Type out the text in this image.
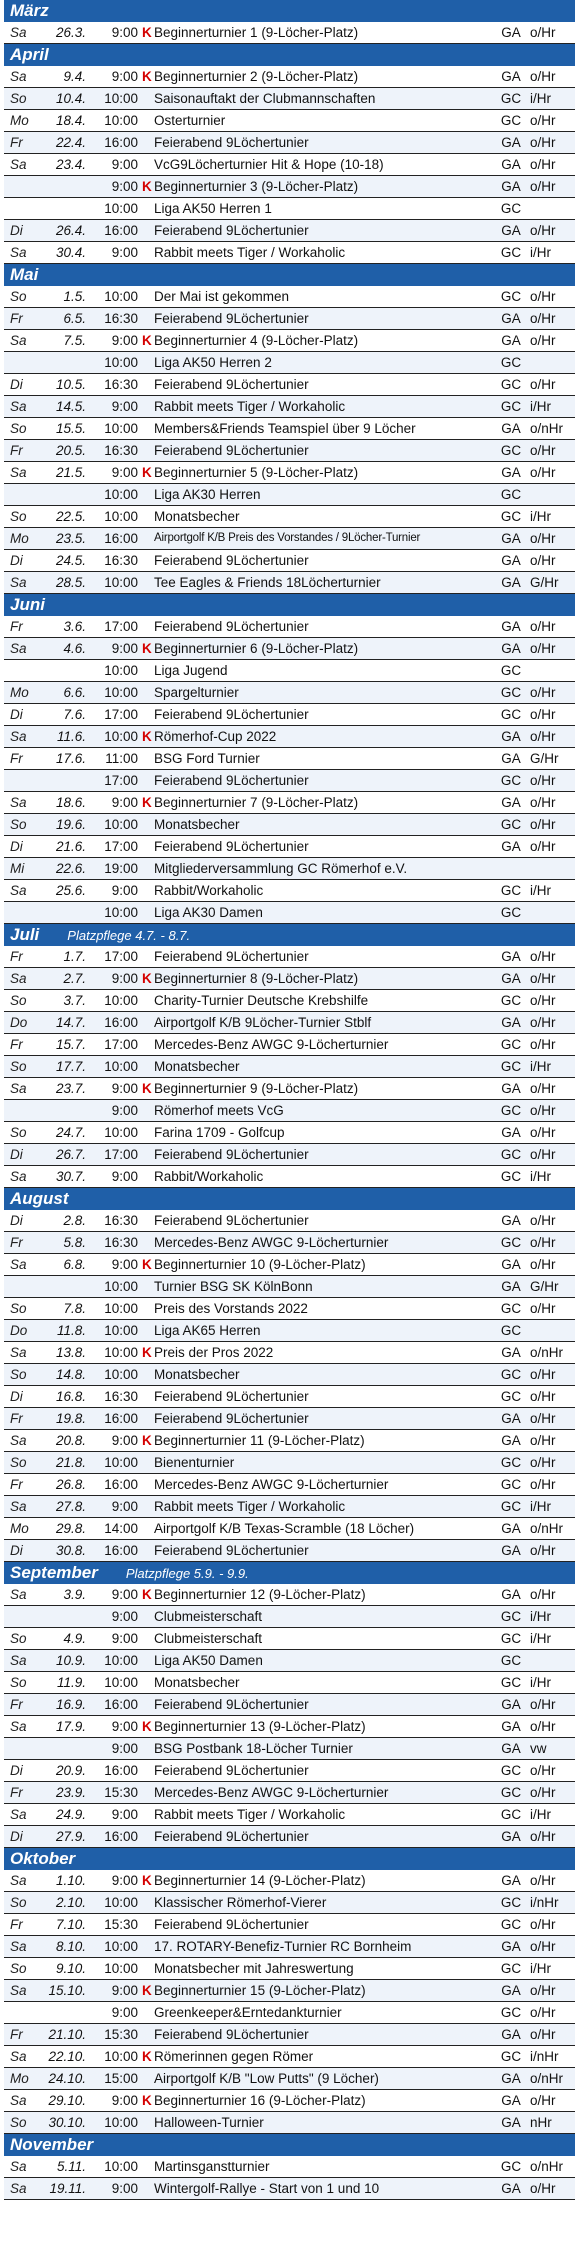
März
Sa	26.3.	9:00 K Beginnerturnier 1 (9-Löcher-Platz)	GA o/Hr
April
Sa	9.4.	9:00 K Beginnerturnier 2 (9-Löcher-Platz)	GA o/Hr
So	10.4.	10:00 Saisonauftakt der Clubmannschaften	GC i/Hr
Mo	18.4.	10:00 Osterturnier	GC o/Hr
Fr	22.4.	16:00 Feierabend 9Löchertunier	GA o/Hr
Sa	23.4.	9:00 VcG9Löcherturnier Hit & Hope (10-18)	GA o/Hr
9:00 K Beginnerturnier 3 (9-Löcher-Platz)	GA o/Hr
10:00 Liga AK50 Herren 1	GC
Di	26.4.	16:00 Feierabend 9Löchertunier	GA o/Hr
Sa	30.4.	9:00 Rabbit meets Tiger / Workaholic	GC i/Hr
Mai
So	1.5.	10:00 Der Mai ist gekommen	GC o/Hr
Fr	6.5.	16:30 Feierabend 9Löchertunier	GA o/Hr
Sa	7.5.	9:00 K Beginnerturnier 4 (9-Löcher-Platz)	GA o/Hr
10:00 Liga AK50 Herren 2	GC
Di	10.5.	16:30 Feierabend 9Löchertunier	GC o/Hr
Sa	14.5.	9:00 Rabbit meets Tiger / Workaholic	GC i/Hr
So	15.5.	10:00 Members&Friends Teamspiel über 9 Löcher	GA o/nHr
Fr	20.5.	16:30 Feierabend 9Löchertunier	GC o/Hr
Sa	21.5.	9:00 K Beginnerturnier 5 (9-Löcher-Platz)	GA o/Hr
10:00 Liga AK30 Herren	GC
So	22.5.	10:00 Monatsbecher	GC i/Hr
Mo	23.5.	16:00 Airportgolf K/B Preis des Vorstandes / 9Löcher-Turnier	GA o/Hr
Di	24.5.	16:30 Feierabend 9Löchertunier	GA o/Hr
Sa	28.5.	10:00 Tee Eagles & Friends 18Löcherturnier	GA G/Hr
Juni
Fr	3.6.	17:00 Feierabend 9Löchertunier	GA o/Hr
Sa	4.6.	9:00 K Beginnerturnier 6 (9-Löcher-Platz)	GA o/Hr
10:00 Liga Jugend	GC
Mo	6.6.	10:00 Spargelturnier	GC o/Hr
Di	7.6.	17:00 Feierabend 9Löchertunier	GC o/Hr
Sa	11.6.	10:00 K Römerhof-Cup 2022	GA o/Hr
Fr	17.6.	11:00 BSG Ford Turnier	GA G/Hr
17:00 Feierabend 9Löchertunier	GC o/Hr
Sa	18.6.	9:00 K Beginnerturnier 7 (9-Löcher-Platz)	GA o/Hr
So	19.6.	10:00 Monatsbecher	GC o/Hr
Di	21.6.	17:00 Feierabend 9Löchertunier	GA o/Hr
Mi	22.6.	19:00 Mitgliederversammlung GC Römerhof e.V.
Sa	25.6.	9:00 Rabbit/Workaholic	GC i/Hr
10:00 Liga AK30 Damen	GC
Juli Platzpflege 4.7. - 8.7.
Fr	1.7.	17:00 Feierabend 9Löchertunier	GA o/Hr
Sa	2.7.	9:00 K Beginnerturnier 8 (9-Löcher-Platz)	GA o/Hr
So	3.7.	10:00 Charity-Turnier Deutsche Krebshilfe	GC o/Hr
Do	14.7.	16:00 Airportgolf K/B 9Löcher-Turnier Stblf	GA o/Hr
Fr	15.7.	17:00 Mercedes-Benz AWGC 9-Löcherturnier	GC o/Hr
So	17.7.	10:00 Monatsbecher	GC i/Hr
Sa	23.7.	9:00 K Beginnerturnier 9 (9-Löcher-Platz)	GA o/Hr
9:00 Römerhof meets VcG	GC o/Hr
So	24.7.	10:00 Farina 1709 - Golfcup	GA o/Hr
Di	26.7.	17:00 Feierabend 9Löchertunier	GC o/Hr
Sa	30.7.	9:00 Rabbit/Workaholic	GC i/Hr
August
Di	2.8.	16:30 Feierabend 9Löchertunier	GA o/Hr
Fr	5.8.	16:30 Mercedes-Benz AWGC 9-Löcherturnier	GC o/Hr
Sa	6.8.	9:00 K Beginnerturnier 10 (9-Löcher-Platz)	GA o/Hr
10:00 Turnier BSG SK KölnBonn	GA G/Hr
So	7.8.	10:00 Preis des Vorstands 2022	GC o/Hr
Do	11.8.	10:00 Liga AK65 Herren	GC
Sa	13.8.	10:00 K Preis der Pros 2022	GA o/nHr
So	14.8.	10:00 Monatsbecher	GC o/Hr
Di	16.8.	16:30 Feierabend 9Löchertunier	GC o/Hr
Fr	19.8.	16:00 Feierabend 9Löchertunier	GA o/Hr
Sa	20.8.	9:00 K Beginnerturnier 11 (9-Löcher-Platz)	GA o/Hr
So	21.8.	10:00 Bienenturnier	GC o/Hr
Fr	26.8.	16:00 Mercedes-Benz AWGC 9-Löcherturnier	GC o/Hr
Sa	27.8.	9:00 Rabbit meets Tiger / Workaholic	GC i/Hr
Mo	29.8.	14:00 Airportgolf K/B Texas-Scramble (18 Löcher)	GA o/nHr
Di	30.8.	16:00 Feierabend 9Löchertunier	GA o/Hr
September Platzpflege 5.9. - 9.9.
Sa	3.9.	9:00 K Beginnerturnier 12 (9-Löcher-Platz)	GA o/Hr
9:00 Clubmeisterschaft	GC i/Hr
So	4.9.	9:00 Clubmeisterschaft	GC i/Hr
Sa	10.9.	10:00 Liga AK50 Damen	GC
So	11.9.	10:00 Monatsbecher	GC i/Hr
Fr	16.9.	16:00 Feierabend 9Löchertunier	GA o/Hr
Sa	17.9.	9:00 K Beginnerturnier 13 (9-Löcher-Platz)	GA o/Hr
9:00 BSG Postbank 18-Löcher Turnier	GA vw
Di	20.9.	16:00 Feierabend 9Löchertunier	GC o/Hr
Fr	23.9.	15:30 Mercedes-Benz AWGC 9-Löcherturnier	GC o/Hr
Sa	24.9.	9:00 Rabbit meets Tiger / Workaholic	GC i/Hr
Di	27.9.	16:00 Feierabend 9Löchertunier	GA o/Hr
Oktober
Sa	1.10.	9:00 K Beginnerturnier 14 (9-Löcher-Platz)	GA o/Hr
So	2.10.	10:00 Klassischer Römerhof-Vierer	GC i/nHr
Fr	7.10.	15:30 Feierabend 9Löchertunier	GC o/Hr
Sa	8.10.	10:00 17. ROTARY-Benefiz-Turnier RC Bornheim	GA o/Hr
So	9.10.	10:00 Monatsbecher mit Jahreswertung	GC i/Hr
Sa	15.10.	9:00 K Beginnerturnier 15 (9-Löcher-Platz)	GA o/Hr
9:00 Greenkeeper&Erntedankturnier	GC o/Hr
Fr	21.10.	15:30 Feierabend 9Löchertunier	GA o/Hr
Sa	22.10.	10:00 K Römerinnen gegen Römer	GC i/nHr
Mo	24.10.	15:00 Airportgolf K/B "Low Putts" (9 Löcher)	GA o/nHr
Sa	29.10.	9:00 K Beginnerturnier 16 (9-Löcher-Platz)	GA o/Hr
So	30.10.	10:00 Halloween-Turnier	GA nHr
November
Sa	5.11.	10:00 Martinsganstturnier	GC o/nHr
Sa	19.11.	9:00 Wintergolf-Rallye - Start von 1 und 10	GA o/Hr
